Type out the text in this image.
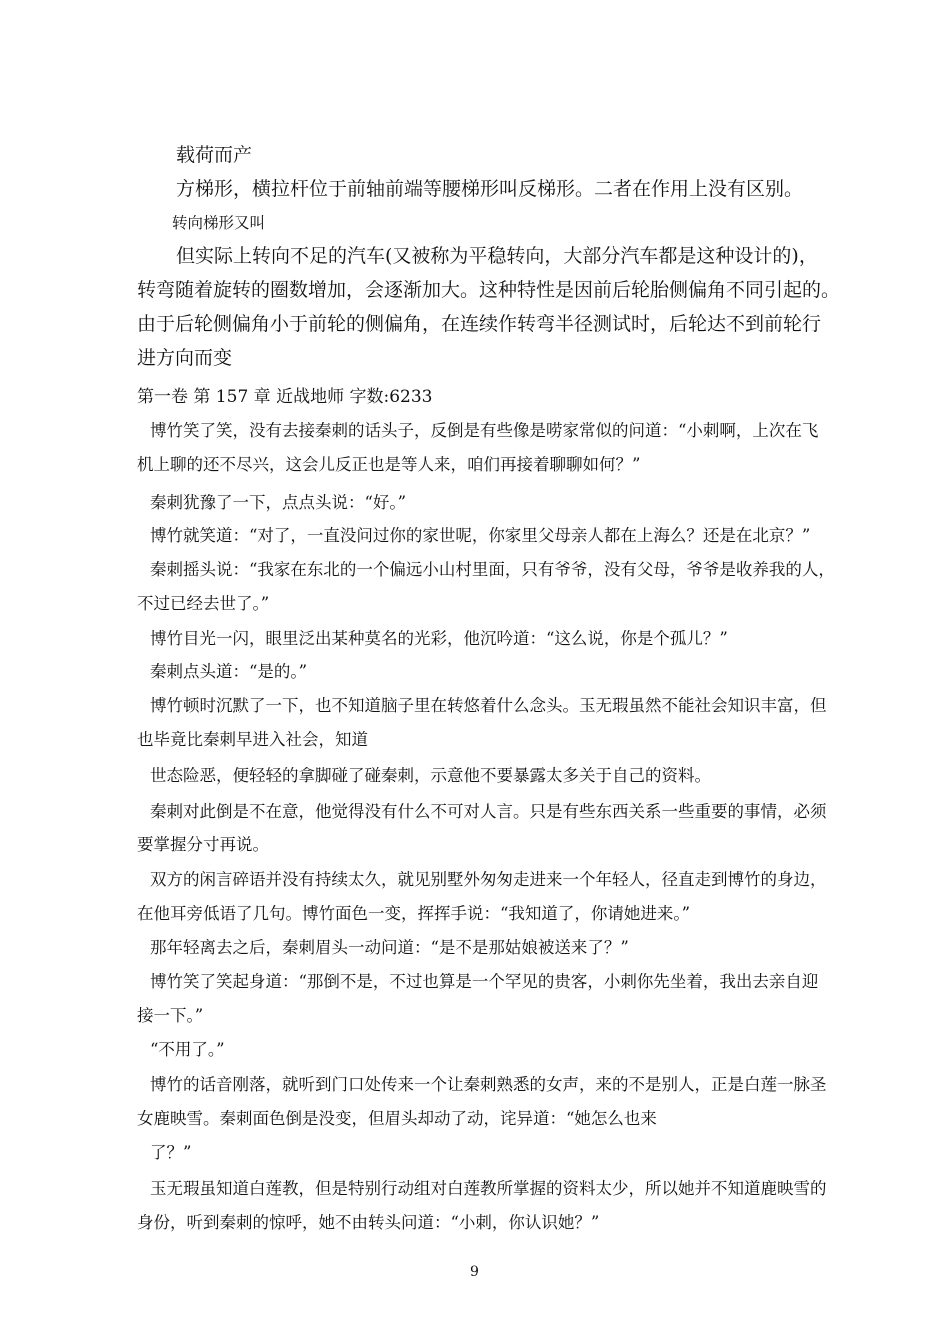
载荷而产
方梯形，横拉杆位于前轴前端等腰梯形叫反梯形。二者在作用上没有区别。
转向梯形又叫
但实际上转向不足的汽车(又被称为平稳转向，大部分汽车都是这种设计的)，
转弯随着旋转的圈数增加，会逐渐加大。这种特性是因前后轮胎侧偏角不同引起的。
由于后轮侧偏角小于前轮的侧偏角，在连续作转弯半径测试时，后轮达不到前轮行
进方向而变
第一卷 第 157 章 近战地师 字数:6233
博竹笑了笑，没有去接秦刺的话头子，反倒是有些像是唠家常似的问道：“小刺啊，上次在飞
机上聊的还不尽兴，这会儿反正也是等人来，咱们再接着聊聊如何？”
秦刺犹豫了一下，点点头说：“好。”
博竹就笑道：“对了，一直没问过你的家世呢，你家里父母亲人都在上海么？还是在北京？”
秦刺摇头说：“我家在东北的一个偏远小山村里面，只有爷爷，没有父母，爷爷是收养我的人，
不过已经去世了。”
博竹目光一闪，眼里泛出某种莫名的光彩，他沉吟道：“这么说，你是个孤儿？”
秦刺点头道：“是的。”
博竹顿时沉默了一下，也不知道脑子里在转悠着什么念头。玉无瑕虽然不能社会知识丰富，但
也毕竟比秦刺早进入社会，知道
世态险恶，便轻轻的拿脚碰了碰秦刺，示意他不要暴露太多关于自己的资料。
秦刺对此倒是不在意，他觉得没有什么不可对人言。只是有些东西关系一些重要的事情，必须
要掌握分寸再说。
双方的闲言碎语并没有持续太久，就见别墅外匆匆走进来一个年轻人，径直走到博竹的身边，
在他耳旁低语了几句。博竹面色一变，挥挥手说：“我知道了，你请她进来。”
那年轻离去之后，秦刺眉头一动问道：“是不是那姑娘被送来了？”
博竹笑了笑起身道：“那倒不是，不过也算是一个罕见的贵客，小刺你先坐着，我出去亲自迎
接一下。”
“不用了。”
博竹的话音刚落，就听到门口处传来一个让秦刺熟悉的女声，来的不是别人，正是白莲一脉圣
女鹿映雪。秦刺面色倒是没变，但眉头却动了动，诧异道：“她怎么也来
了？”
玉无瑕虽知道白莲教，但是特别行动组对白莲教所掌握的资料太少，所以她并不知道鹿映雪的
身份，听到秦刺的惊呼，她不由转头问道：“小刺，你认识她？”
9
